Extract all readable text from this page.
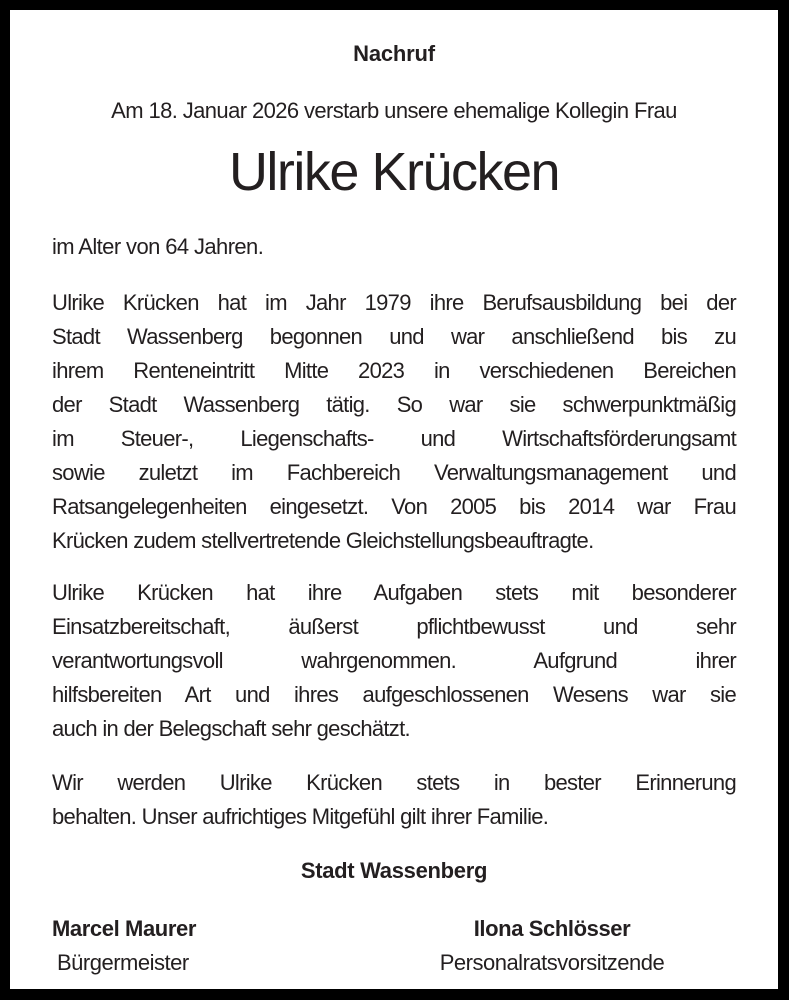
Nachruf
Am 18. Januar 2026 verstarb unsere ehemalige Kollegin Frau
Ulrike Krücken
im Alter von 64 Jahren.
Ulrike Krücken hat im Jahr 1979 ihre Berufsausbildung bei der
Stadt Wassenberg begonnen und war anschließend bis zu
ihrem Renteneintritt Mitte 2023 in verschiedenen Bereichen
der Stadt Wassenberg tätig. So war sie schwerpunktmäßig
im Steuer-, Liegenschafts- und Wirtschaftsförderungsamt
sowie zuletzt im Fachbereich Verwaltungsmanagement und
Ratsangelegenheiten eingesetzt. Von 2005 bis 2014 war Frau
Krücken zudem stellvertretende Gleichstellungsbeauftragte.
Ulrike Krücken hat ihre Aufgaben stets mit besonderer
Einsatzbereitschaft, äußerst pflichtbewusst und sehr
verantwortungsvoll wahrgenommen. Aufgrund ihrer
hilfsbereiten Art und ihres aufgeschlossenen Wesens war sie
auch in der Belegschaft sehr geschätzt.
Wir werden Ulrike Krücken stets in bester Erinnerung
behalten. Unser aufrichtiges Mitgefühl gilt ihrer Familie.
Stadt Wassenberg
Marcel Maurer
Bürgermeister
Ilona Schlösser
Personalratsvorsitzende
